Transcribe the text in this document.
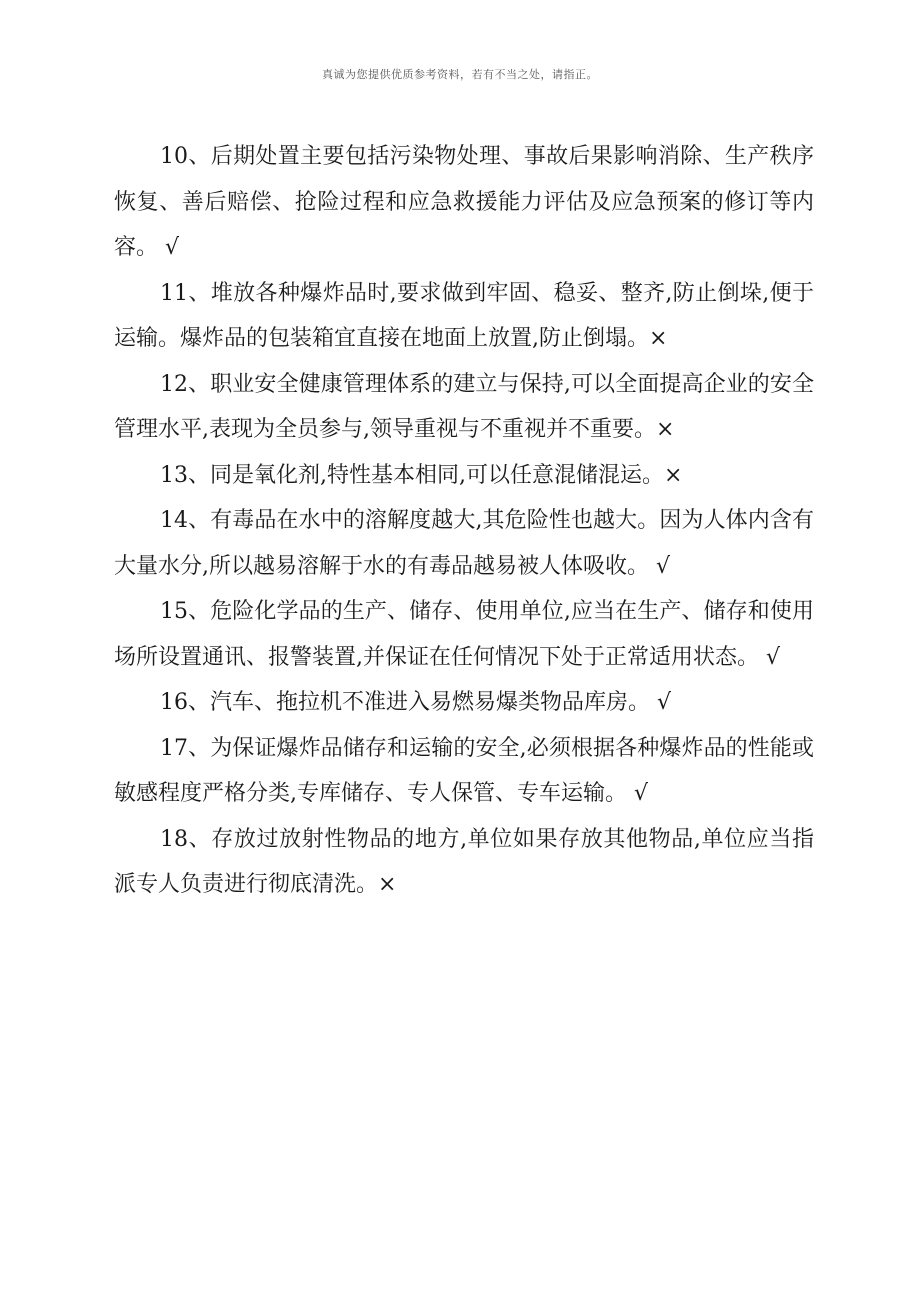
真诚为您提供优质参考资料，若有不当之处，请指正。

10、后期处置主要包括污染物处理、事故后果影响消除、生产秩序恢复、善后赔偿、抢险过程和应急救援能力评估及应急预案的修订等内容。 √

11、堆放各种爆炸品时,要求做到牢固、稳妥、整齐,防止倒垛,便于运输。爆炸品的包装箱宜直接在地面上放置,防止倒塌。×

12、职业安全健康管理体系的建立与保持,可以全面提高企业的安全管理水平,表现为全员参与,领导重视与不重视并不重要。×

13、同是氧化剂,特性基本相同,可以任意混储混运。×

14、有毒品在水中的溶解度越大,其危险性也越大。因为人体内含有大量水分,所以越易溶解于水的有毒品越易被人体吸收。 √

15、危险化学品的生产、储存、使用单位,应当在生产、储存和使用场所设置通讯、报警装置,并保证在任何情况下处于正常适用状态。 √

16、汽车、拖拉机不准进入易燃易爆类物品库房。 √

17、为保证爆炸品储存和运输的安全,必须根据各种爆炸品的性能或敏感程度严格分类,专库储存、专人保管、专车运输。 √

18、存放过放射性物品的地方,单位如果存放其他物品,单位应当指派专人负责进行彻底清洗。×
